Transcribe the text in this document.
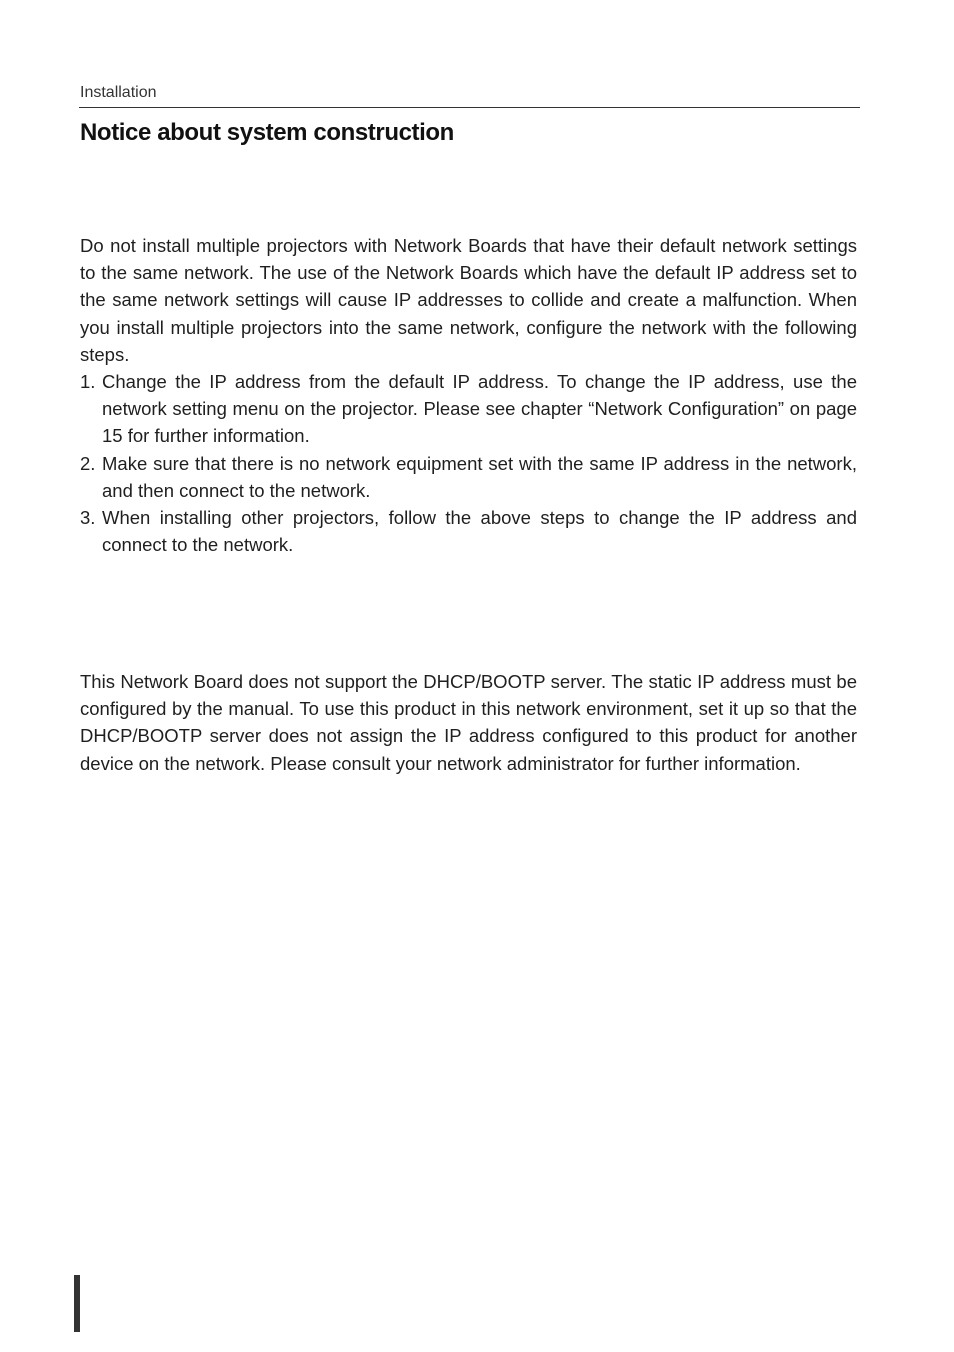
Installation
Notice about system construction

Do not install multiple projectors with Network Boards that have their default network settings to the same network. The use of the Network Boards which have the default IP address set to the same network settings will cause IP addresses to collide and create a malfunction. When you install multiple projectors into the same network, configure the network with the following steps.

1. Change the IP address from the default IP address. To change the IP address, use the network setting menu on the projector. Please see chapter “Network Configuration” on page 15 for further information.
2. Make sure that there is no network equipment set with the same IP address in the network, and then connect to the network.
3. When installing other projectors, follow the above steps to change the IP address and connect to the network.

This Network Board does not support the DHCP/BOOTP server. The static IP address must be configured by the manual. To use this product in this network environment, set it up so that the DHCP/BOOTP server does not assign the IP address configured to this product for another device on the network. Please consult your network administrator for further information.
